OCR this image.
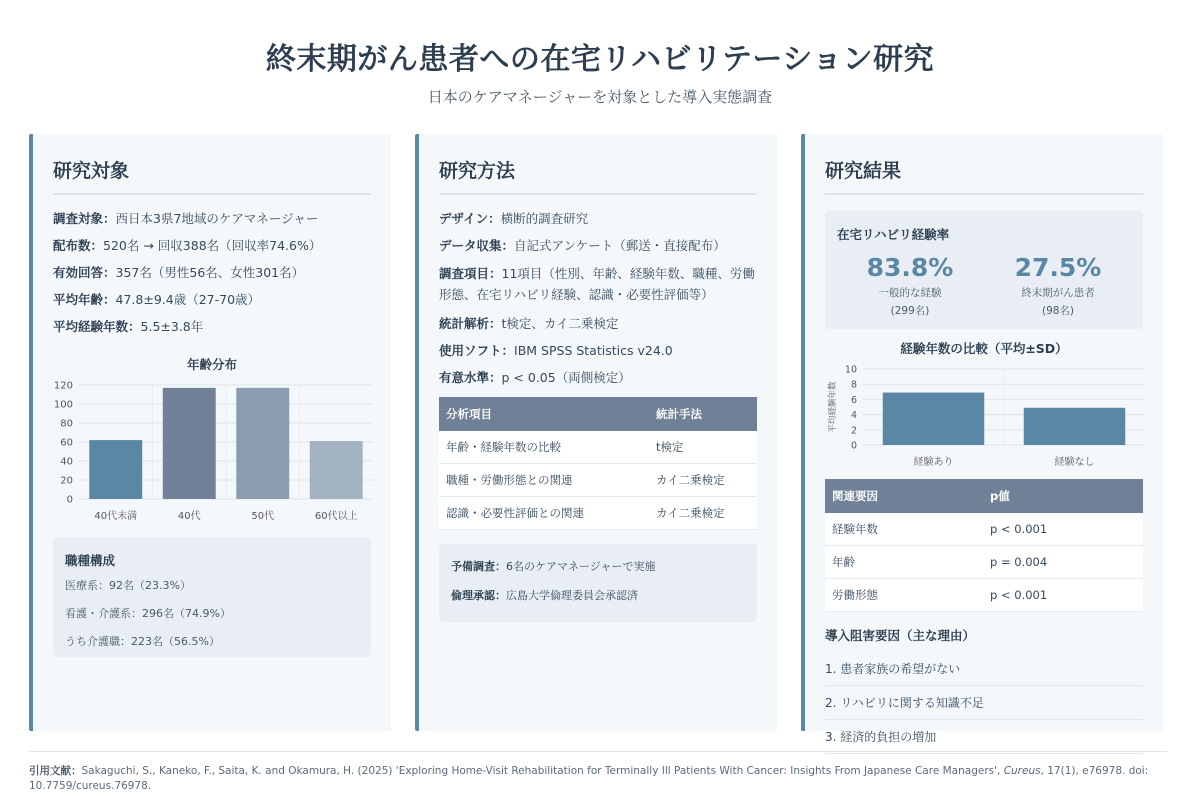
終末期がん患者への在宅リハビリテーション研究
日本のケアマネージャーを対象とした導入実態調査
研究対象
調査対象：西日本3県7地域のケアマネージャー
配布数：520名 → 回収388名（回収率74.6%）
有効回答：357名（男性56名、女性301名）
平均年齢：47.8±9.4歳（27-70歳）
平均経験年数：5.5±3.8年
年齢分布
0
20
40
60
80
100
120
40代未満	40代	50代	60代以上
職種構成
医療系：92名（23.3%）
看護・介護系：296名（74.9%）
うち介護職：223名（56.5%）
研究方法
デザイン：横断的調査研究
データ収集：自記式アンケート（郵送・直接配布）
調査項目：11項目（性別、年齢、経験年数、職種、労働形態、在宅リハビリ経験、認識・必要性評価等）
統計解析：t検定、カイ二乗検定
使用ソフト：IBM SPSS Statistics v24.0
有意水準：p < 0.05（両側検定）
分析項目	統計手法
年齢・経験年数の比較	t検定
職種・労働形態との関連	カイ二乗検定
認識・必要性評価との関連	カイ二乗検定
予備調査：6名のケアマネージャーで実施
倫理承認：広島大学倫理委員会承認済
研究結果
在宅リハビリ経験率
83.8%
一般的な経験
(299名)
27.5%
終末期がん患者
(98名)
経験年数の比較（平均±SD）
0
2
4
6
8
10
経験あり	経験なし
平均経験年数
関連要因	p値
経験年数	p < 0.001
年齢	p = 0.004
労働形態	p < 0.001
導入阻害要因（主な理由）
1. 患者家族の希望がない
2. リハビリに関する知識不足
3. 経済的負担の増加
引用文献：Sakaguchi, S., Kaneko, F., Saita, K. and Okamura, H. (2025) 'Exploring Home-Visit Rehabilitation for Terminally Ill Patients With Cancer: Insights From Japanese Care Managers', Cureus, 17(1), e76978. doi: 10.7759/cureus.76978.
